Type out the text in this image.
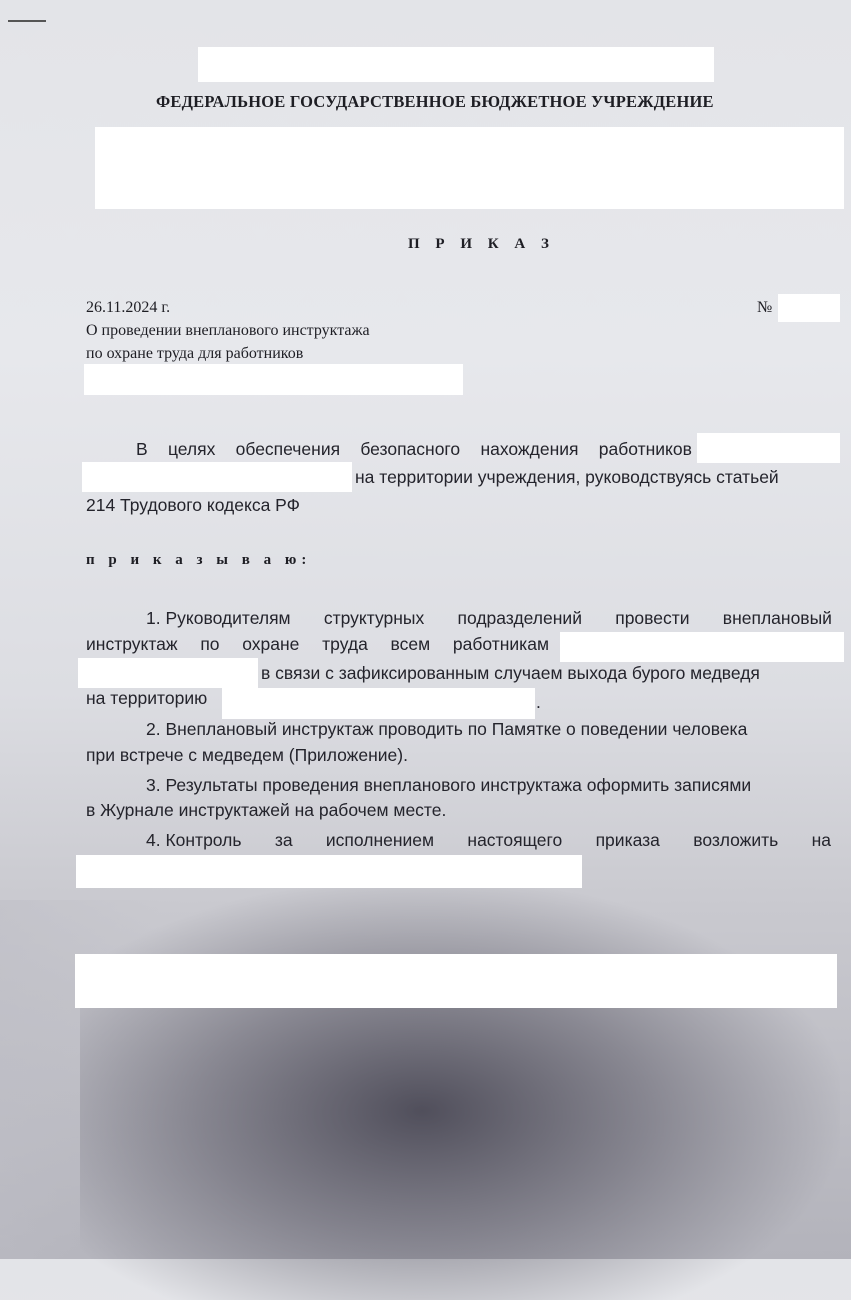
ФЕДЕРАЛЬНОЕ ГОСУДАРСТВЕННОЕ БЮДЖЕТНОЕ УЧРЕЖДЕНИЕ
П Р И К А З
26.11.2024 г.	№
О проведении внепланового инструктажа
по охране труда для работников
В целях обеспечения безопасного нахождения работников
на территории учреждения, руководствуясь статьей
214 Трудового кодекса РФ
п р и к а з ы в а ю:
1. Руководителям структурных подразделений провести внеплановый
инструктаж по охране труда всем работникам
в связи с зафиксированным случаем выхода бурого медведя
на территорию	.
2. Внеплановый инструктаж проводить по Памятке о поведении человека
при встрече с медведем (Приложение).
3. Результаты проведения внепланового инструктажа оформить записями
в Журнале инструктажей на рабочем месте.
4. Контроль за исполнением настоящего приказа возложить на
